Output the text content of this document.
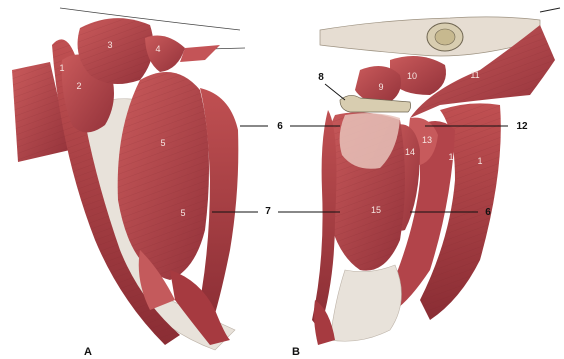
1
2
3	4
5
5
1	1
9
10	11
13
14
15
6
7
8
12
6
A	B
